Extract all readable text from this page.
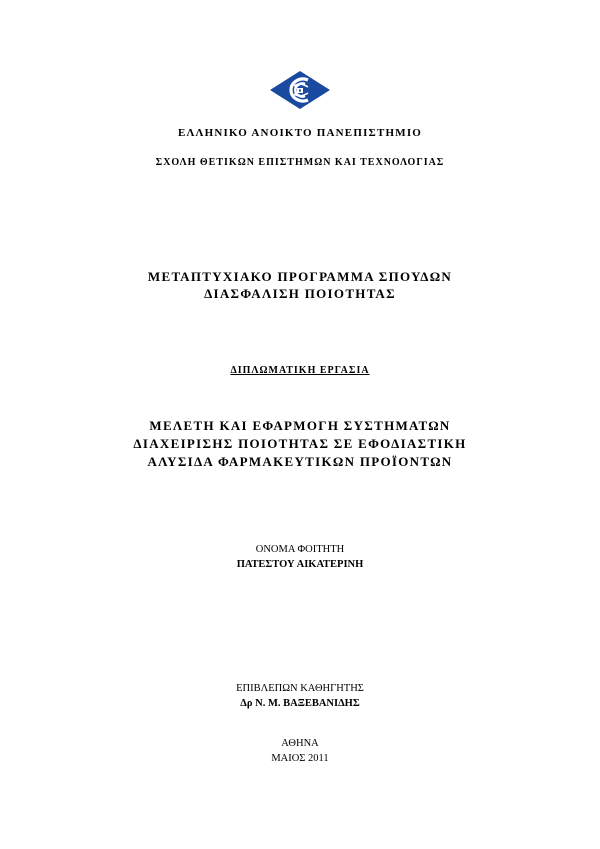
ΕΛΛΗΝΙΚΟ ΑΝΟΙΚΤΟ ΠΑΝΕΠΙΣΤΗΜΙΟ
ΣΧΟΛΗ ΘΕΤΙΚΩΝ ΕΠΙΣΤΗΜΩΝ ΚΑΙ ΤΕΧΝΟΛΟΓΙΑΣ
ΜΕΤΑΠΤΥΧΙΑΚΟ ΠΡΟΓΡΑΜΜΑ ΣΠΟΥΔΩΝ
ΔΙΑΣΦΑΛΙΣΗ ΠΟΙΟΤΗΤΑΣ
ΔΙΠΛΩΜΑΤΙΚΗ ΕΡΓΑΣΙΑ
ΜΕΛΕΤΗ ΚΑΙ ΕΦΑΡΜΟΓΗ ΣΥΣΤΗΜΑΤΩΝ
ΔΙΑΧΕΙΡΙΣΗΣ ΠΟΙΟΤΗΤΑΣ ΣΕ ΕΦΟΔΙΑΣΤΙΚΗ
ΑΛΥΣΙΔΑ ΦΑΡΜΑΚΕΥΤΙΚΩΝ ΠΡΟΪΟΝΤΩΝ
ΟΝΟΜΑ ΦΟΙΤΗΤΗ
ΠΑΤΕΣΤΟΥ ΑΙΚΑΤΕΡΙΝΗ
ΕΠΙΒΛΕΠΩΝ ΚΑΘΗΓΗΤΗΣ
Δρ Ν. Μ. ΒΑΞΕΒΑΝΙΔΗΣ
ΑΘΗΝΑ
ΜΑΙΟΣ 2011
